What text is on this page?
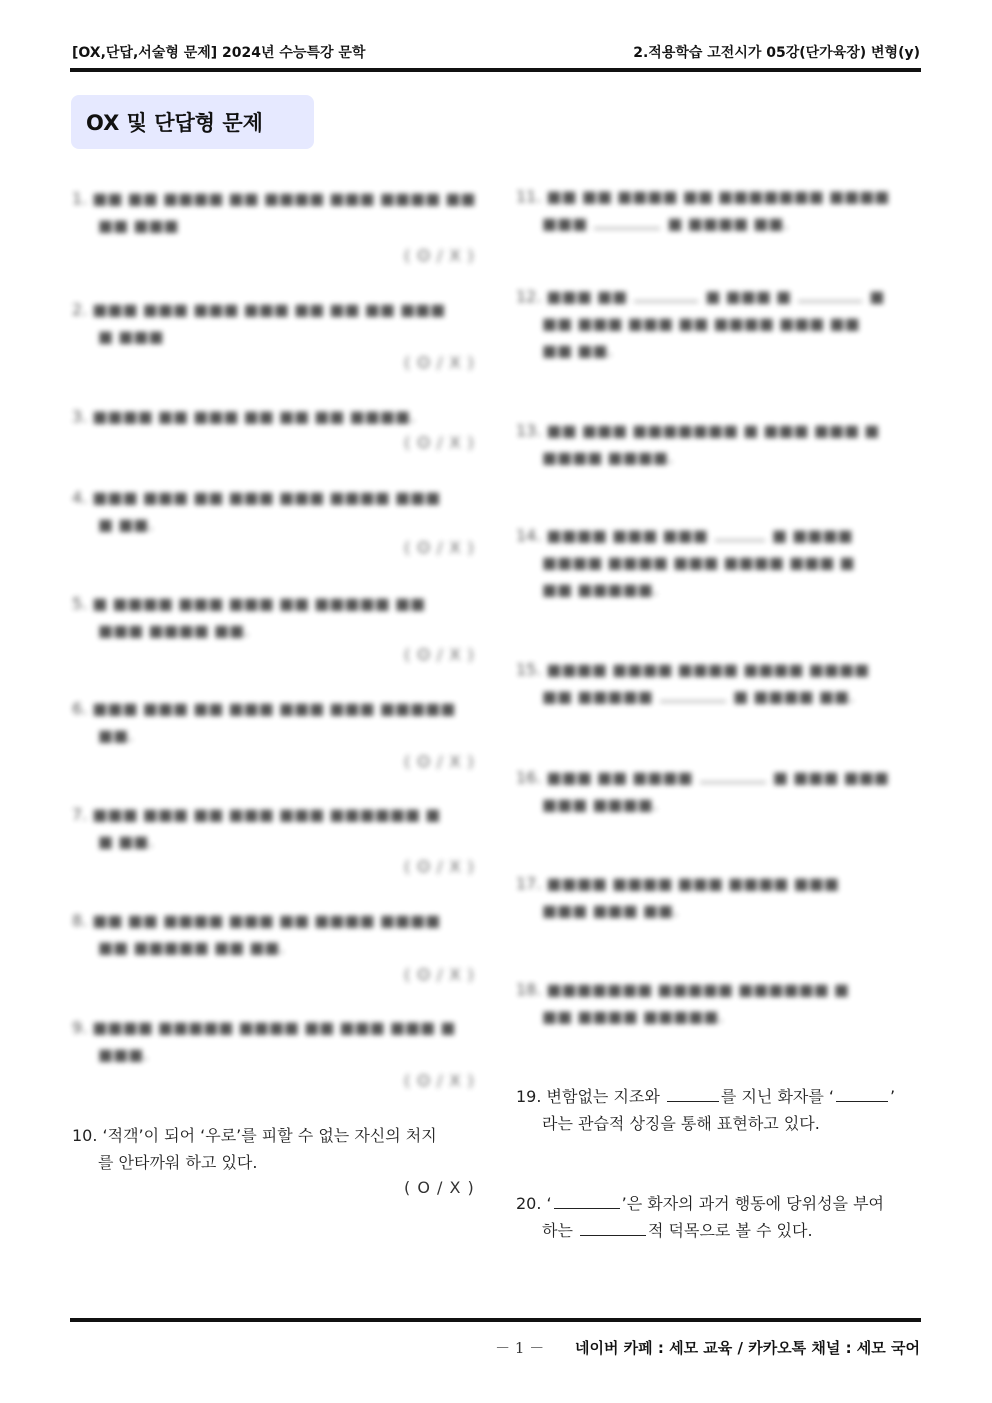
[OX,단답,서술형 문제] 2024년 수능특강 문학	2.적용학습 고전시가 05강(단가육장) 변형(y)
OX 및 단답형 문제
1. ■■ ■■ ■■■■ ■■ ■■■■ ■■■ ■■■■ ■■
■■ ■■■
( O / X )
2. ■■■ ■■■ ■■■ ■■■ ■■ ■■ ■■ ■■■
■ ■■■
( O / X )
3. ■■■■ ■■ ■■■ ■■ ■■ ■■ ■■■■.
( O / X )
4. ■■■ ■■■ ■■ ■■■ ■■■ ■■■■ ■■■
■ ■■.
( O / X )
5. ■ ■■■■ ■■■ ■■■ ■■ ■■■■■ ■■
■■■ ■■■■ ■■.
( O / X )
6. ■■■ ■■■ ■■ ■■■ ■■■ ■■■ ■■■■■
■■.
( O / X )
7. ■■■ ■■■ ■■ ■■■ ■■■ ■■■■■■ ■
■ ■■.
( O / X )
8. ■■ ■■ ■■■■ ■■■ ■■ ■■■■ ■■■■
■■ ■■■■■ ■■ ■■.
( O / X )
9. ■■■■ ■■■■■ ■■■■ ■■ ■■■ ■■■ ■
■■■.
( O / X )
10. ‘적객’이 되어 ‘우로’를 피할 수 없는 자신의 처지
를 안타까워 하고 있다.
( O / X )
11. ■■ ■■ ■■■■ ■■ ■■■■■■■ ■■■■
■■■	■ ■■■■ ■■.
12. ■■■ ■■	■ ■■■ ■	■
■■ ■■■ ■■■ ■■ ■■■■ ■■■ ■■
■■ ■■.
13. ■■ ■■■ ■■■■■■■ ■ ■■■ ■■■ ■
■■■■ ■■■■.
14. ■■■■ ■■■ ■■■	■ ■■■■
■■■■ ■■■■ ■■■ ■■■■ ■■■ ■
■■ ■■■■■.
15. ■■■■ ■■■■ ■■■■ ■■■■ ■■■■
■■ ■■■■■	■ ■■■■ ■■.
16. ■■■ ■■ ■■■■	■ ■■■ ■■■
■■■ ■■■■.
17. ■■■■ ■■■■ ■■■ ■■■■ ■■■
■■■ ■■■ ■■.
18. ■■■■■■■ ■■■■■ ■■■■■■ ■
■■ ■■■■ ■■■■■.
19. 변함없는 지조와	를 지닌 화자를 ‘	’
라는 관습적 상징을 통해 표현하고 있다.
20. ‘	’은 화자의 과거 행동에 당위성을 부여
하는	적 덕목으로 볼 수 있다.
－ 1 － 네이버 카페 : 세모 교육 / 카카오톡 채널 : 세모 국어
